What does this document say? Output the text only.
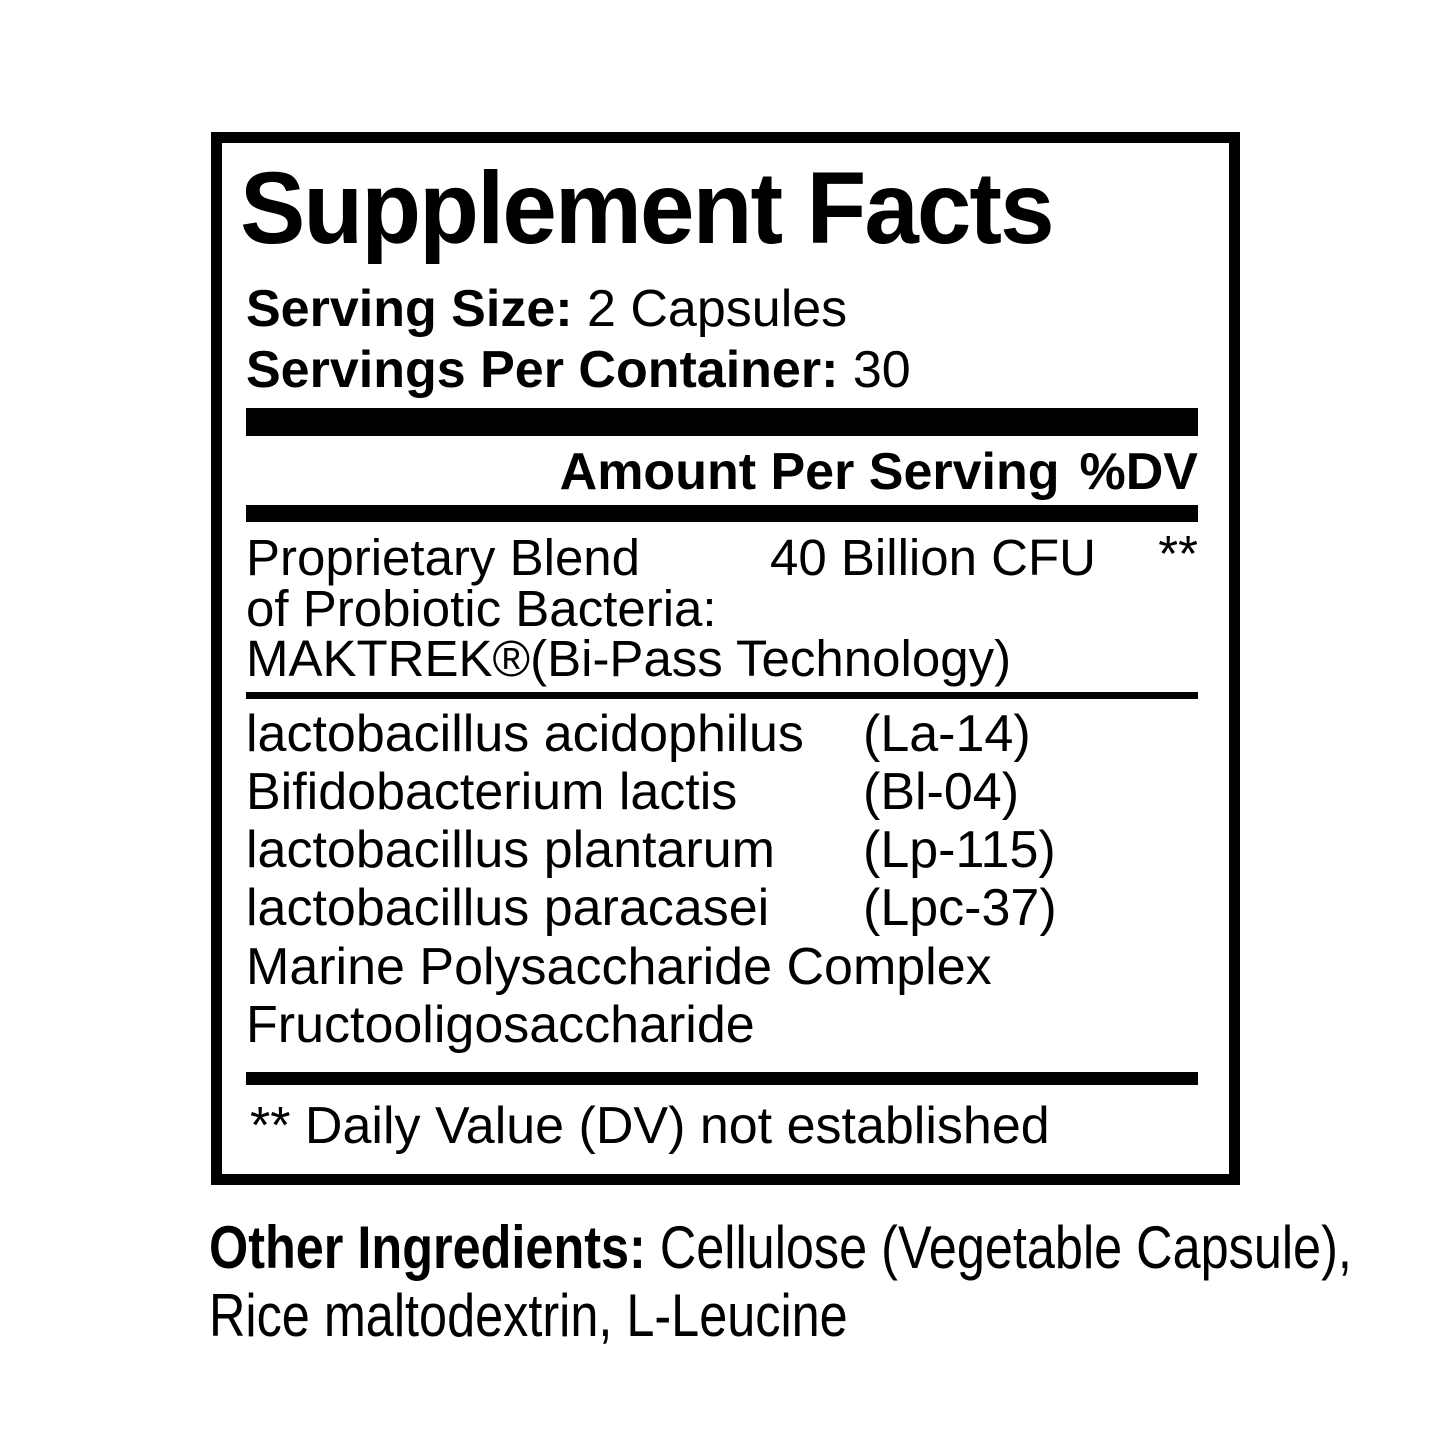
Supplement Facts
Serving Size: 2 Capsules
Servings Per Container: 30
Amount Per Serving %DV
Proprietary Blend	40 Billion CFU **
of Probiotic Bacteria:
MAKTREK®(Bi-Pass Technology)
lactobacillus acidophilus (La-14)
Bifidobacterium lactis (Bl-04)
lactobacillus plantarum (Lp-115)
lactobacillus paracasei (Lpc-37)
Marine Polysaccharide Complex
Fructooligosaccharide
** Daily Value (DV) not established
Other Ingredients: Cellulose (Vegetable Capsule),
Rice maltodextrin, L-Leucine
